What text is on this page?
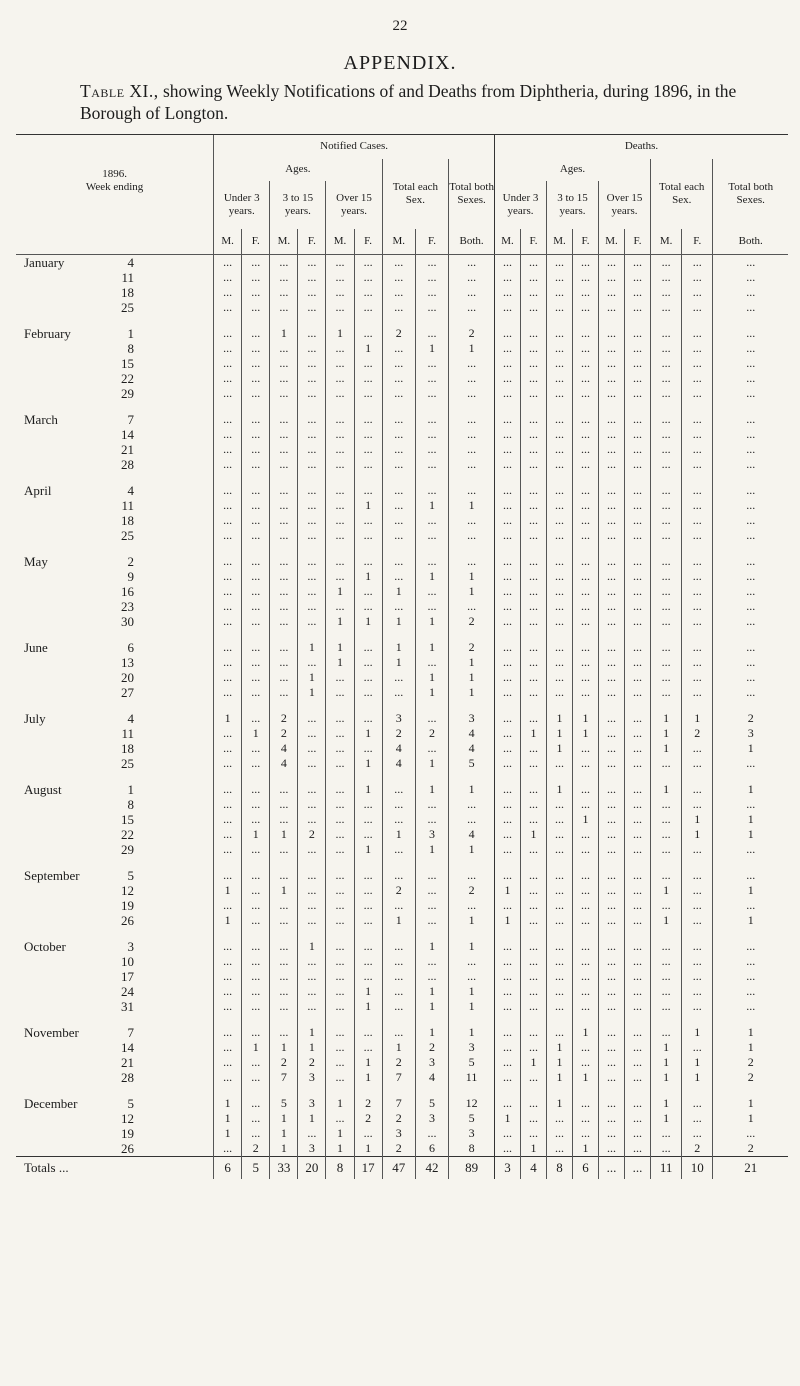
22
APPENDIX.
Table XI., showing Weekly Notifications of and Deaths from Diphtheria, during 1896, in the Borough of Longton.
1896.	Notified Cases.									Deaths.								
	Ages.						Total each Sex.		Total both Sexes.	Ages.						Total each Sex.		Total both Sexes.
Week ending	Under 3 years.		3 to 15 years.		Over 15 years.					Under 3 years.		3 to 15 years.		Over 15 years.				
	M.	F.	M.	F.	M.	F.	M.	F.	Both.	M.	F.	M.	F.	M.	F.	M.	F.	Both.
January 4	...	...	...	...	...	...	...	...	...	...	...	...	...	...	...	...	...	...
11	...	...	...	...	...	...	...	...	...	...	...	...	...	...	...	...	...	...
18	...	...	...	...	...	...	...	...	...	...	...	...	...	...	...	...	...	...
25	...	...	...	...	...	...	...	...	...	...	...	...	...	...	...	...	...	...

February 1	...	...	1	...	1	...	2	...	2	...	...	...	...	...	...	...	...	...
8	...	...	...	...	...	1	...	1	1	...	...	...	...	...	...	...	...	...
15	...	...	...	...	...	...	...	...	...	...	...	...	...	...	...	...	...	...
22	...	...	...	...	...	...	...	...	...	...	...	...	...	...	...	...	...	...
29	...	...	...	...	...	...	...	...	...	...	...	...	...	...	...	...	...	...

March 7	...	...	...	...	...	...	...	...	...	...	...	...	...	...	...	...	...	...
14	...	...	...	...	...	...	...	...	...	...	...	...	...	...	...	...	...	...
21	...	...	...	...	...	...	...	...	...	...	...	...	...	...	...	...	...	...
28	...	...	...	...	...	...	...	...	...	...	...	...	...	...	...	...	...	...

April 4	...	...	...	...	...	...	...	...	...	...	...	...	...	...	...	...	...	...
11	...	...	...	...	...	1	...	1	1	...	...	...	...	...	...	...	...	...
18	...	...	...	...	...	...	...	...	...	...	...	...	...	...	...	...	...	...
25	...	...	...	...	...	...	...	...	...	...	...	...	...	...	...	...	...	...

May 2	...	...	...	...	...	...	...	...	...	...	...	...	...	...	...	...	...	...
9	...	...	...	...	...	1	...	1	1	...	...	...	...	...	...	...	...	...
16	...	...	...	...	1	...	1	...	1	...	...	...	...	...	...	...	...	...
23	...	...	...	...	...	...	...	...	...	...	...	...	...	...	...	...	...	...
30	...	...	...	...	1	1	1	1	2	...	...	...	...	...	...	...	...	...

June 6	...	...	...	1	1	...	1	1	2	...	...	...	...	...	...	...	...	...
13	...	...	...	...	1	...	1	...	1	...	...	...	...	...	...	...	...	...
20	...	...	...	1	...	...	...	1	1	...	...	...	...	...	...	...	...	...
27	...	...	...	1	...	...	...	1	1	...	...	...	...	...	...	...	...	...

July 4	1	...	2	...	...	...	3	...	3	...	...	1	1	...	...	1	1	2
11	...	1	2	...	...	1	2	2	4	...	1	1	1	...	...	1	2	3
18	...	...	4	...	...	...	4	...	4	...	...	1	...	...	...	1	...	1
25	...	...	4	...	...	1	4	1	5	...	...	...	...	...	...	...	...	...

August 1	...	...	...	...	...	1	...	1	1	...	...	1	...	...	...	1	...	1
8	...	...	...	...	...	...	...	...	...	...	...	...	...	...	...	...	...	...
15	...	...	...	...	...	...	...	...	...	...	...	...	1	...	...	...	1	1
22	...	1	1	2	...	...	1	3	4	...	1	...	...	...	...	...	1	1
29	...	...	...	...	...	1	...	1	1	...	...	...	...	...	...	...	...	...

September 5	...	...	...	...	...	...	...	...	...	...	...	...	...	...	...	...	...	...
12	1	...	1	...	...	...	2	...	2	1	...	...	...	...	...	1	...	1
19	...	...	...	...	...	...	...	...	...	...	...	...	...	...	...	...	...	...
26	1	...	...	...	...	...	1	...	1	1	...	...	...	...	...	1	...	1

October 3	...	...	...	1	...	...	...	1	1	...	...	...	...	...	...	...	...	...
10	...	...	...	...	...	...	...	...	...	...	...	...	...	...	...	...	...	...
17	...	...	...	...	...	...	...	...	...	...	...	...	...	...	...	...	...	...
24	...	...	...	...	...	1	...	1	1	...	...	...	...	...	...	...	...	...
31	...	...	...	...	...	1	...	1	1	...	...	...	...	...	...	...	...	...

November 7	...	...	...	1	...	...	...	1	1	...	...	...	1	...	...	...	1	1
14	...	1	1	1	...	...	1	2	3	...	...	1	...	...	...	1	...	1
21	...	...	2	2	...	1	2	3	5	...	1	1	...	...	...	1	1	2
28	...	...	7	3	...	1	7	4	11	...	...	1	1	...	...	1	1	2

December 5	1	...	5	3	1	2	7	5	12	...	...	1	...	...	...	1	...	1
12	1	...	1	1	...	2	2	3	5	1	...	...	...	...	...	1	...	1
19	1	...	1	...	1	...	3	...	3	...	...	...	...	...	...	...	...	...
26	...	2	1	3	1	1	2	6	8	...	1	...	1	...	...	...	2	2
Totals ...	6	5	33	20	8	17	47	42	89	3	4	8	6	...	...	11	10	21
